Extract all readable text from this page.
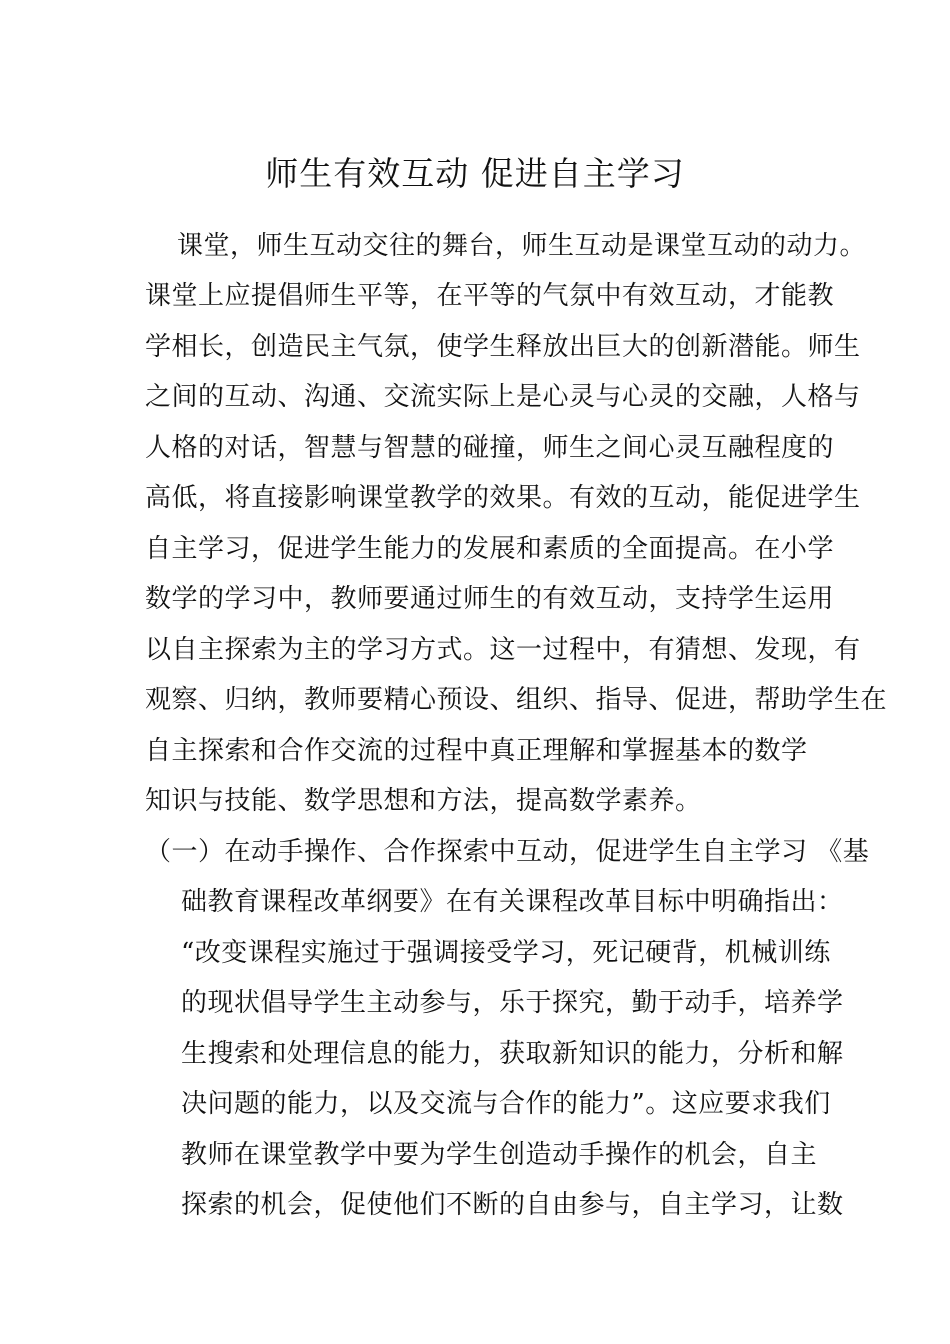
师生有效互动 促进自主学习
课堂，师生互动交往的舞台，师生互动是课堂互动的动力。
课堂上应提倡师生平等，在平等的气氛中有效互动，才能教
学相长，创造民主气氛，使学生释放出巨大的创新潜能。师生
之间的互动、沟通、交流实际上是心灵与心灵的交融，人格与
人格的对话，智慧与智慧的碰撞，师生之间心灵互融程度的
高低，将直接影响课堂教学的效果。有效的互动，能促进学生
自主学习，促进学生能力的发展和素质的全面提高。在小学
数学的学习中，教师要通过师生的有效互动，支持学生运用
以自主探索为主的学习方式。这一过程中，有猜想、发现，有
观察、归纳，教师要精心预设、组织、指导、促进，帮助学生在
自主探索和合作交流的过程中真正理解和掌握基本的数学
知识与技能、数学思想和方法，提高数学素养。
（一）在动手操作、合作探索中互动，促进学生自主学习 《基
础教育课程改革纲要》在有关课程改革目标中明确指出：
“改变课程实施过于强调接受学习，死记硬背，机械训练
的现状倡导学生主动参与，乐于探究，勤于动手，培养学
生搜索和处理信息的能力，获取新知识的能力，分析和解
决问题的能力，以及交流与合作的能力”。这应要求我们
教师在课堂教学中要为学生创造动手操作的机会，自主
探索的机会，促使他们不断的自由参与，自主学习，让数
